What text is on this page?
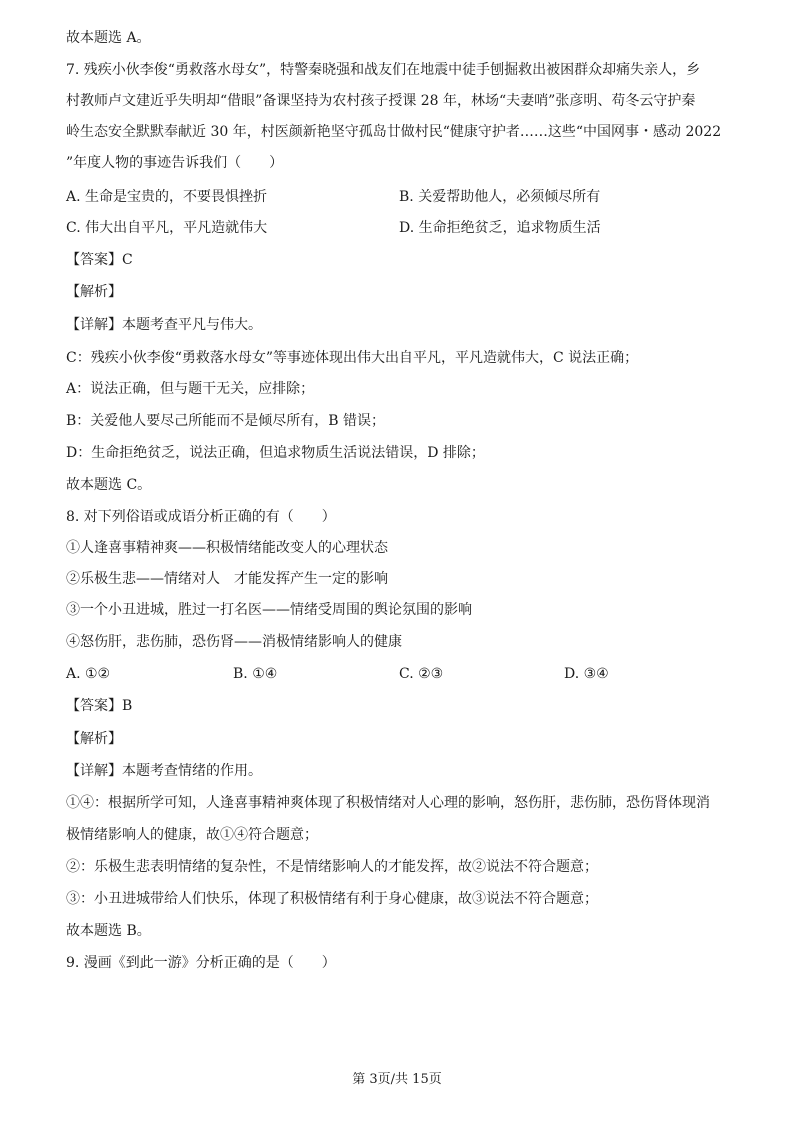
故本题选 A。
7. 残疾小伙李俊“勇救落水母女”，特警秦晓强和战友们在地震中徒手刨掘救出被困群众却痛失亲人，乡
村教师卢文建近乎失明却“借眼”备课坚持为农村孩子授课 28 年，林场“夫妻哨”张彦明、苟冬云守护秦
岭生态安全默默奉献近 30 年，村医颜新艳坚守孤岛廿做村民“健康守护者……这些“中国网事・感动 2022
”年度人物的事迹告诉我们（　　）
A. 生命是宝贵的，不要畏惧挫折	B. 关爱帮助他人，必须倾尽所有
C. 伟大出自平凡，平凡造就伟大	D. 生命拒绝贫乏，追求物质生活
【答案】C
【解析】
【详解】本题考查平凡与伟大。
C：残疾小伙李俊“勇救落水母女”等事迹体现出伟大出自平凡，平凡造就伟大，C 说法正确；
A：说法正确，但与题干无关，应排除；
B：关爱他人要尽己所能而不是倾尽所有，B 错误；
D：生命拒绝贫乏，说法正确，但追求物质生活说法错误，D 排除；
故本题选 C。
8. 对下列俗语或成语分析正确的有（　　）
①人逢喜事精神爽——积极情绪能改变人的心理状态
②乐极生悲——情绪对人　才能发挥产生一定的影响
③一个小丑进城，胜过一打名医——情绪受周围的舆论氛围的影响
④怒伤肝，悲伤肺，恐伤肾——消极情绪影响人的健康
A. ①②	B. ①④	C. ②③	D. ③④
【答案】B
【解析】
【详解】本题考查情绪的作用。
①④：根据所学可知，人逢喜事精神爽体现了积极情绪对人心理的影响，怒伤肝，悲伤肺，恐伤肾体现消
极情绪影响人的健康，故①④符合题意；
②：乐极生悲表明情绪的复杂性，不是情绪影响人的才能发挥，故②说法不符合题意；
③：小丑进城带给人们快乐，体现了积极情绪有利于身心健康，故③说法不符合题意；
故本题选 B。
9. 漫画《到此一游》分析正确的是（　　）
第 3页/共 15页
